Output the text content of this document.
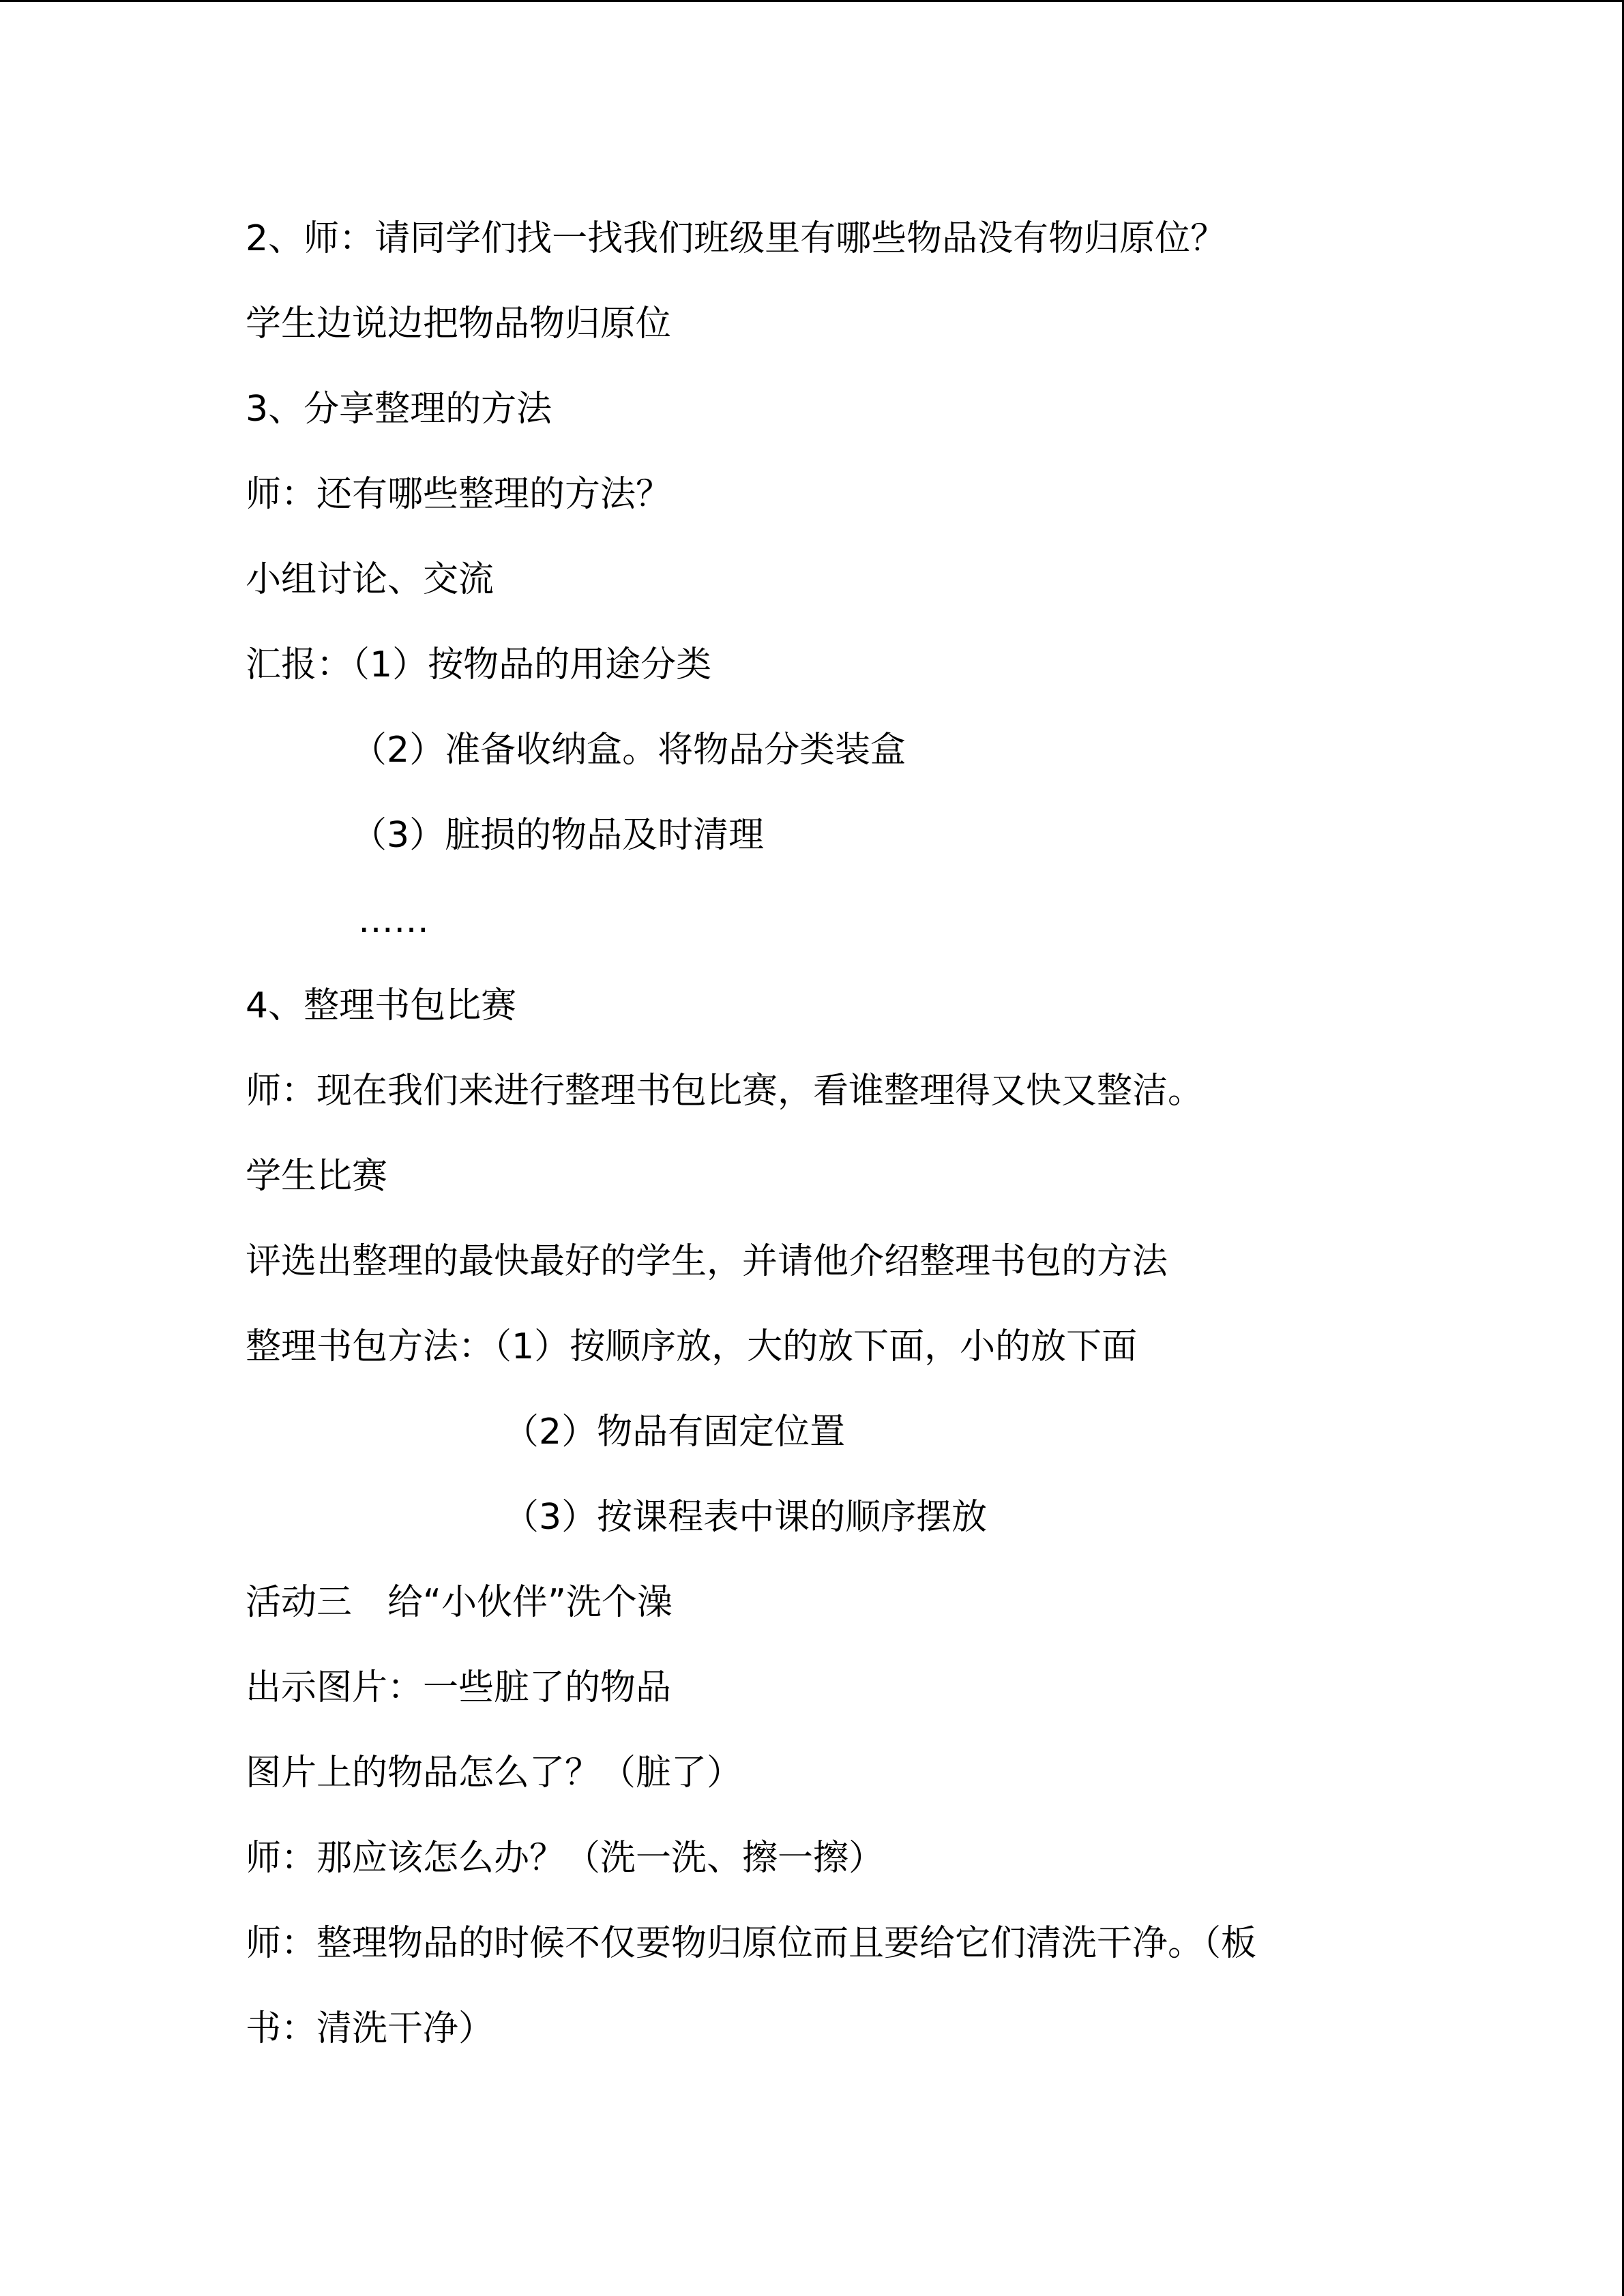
2、师：请同学们找一找我们班级里有哪些物品没有物归原位？
学生边说边把物品物归原位
3、分享整理的方法
师：还有哪些整理的方法？
小组讨论、交流
汇报：（1）按物品的用途分类
（2）准备收纳盒。将物品分类装盒
（3）脏损的物品及时清理
……
4、整理书包比赛
师：现在我们来进行整理书包比赛，看谁整理得又快又整洁。
学生比赛
评选出整理的最快最好的学生，并请他介绍整理书包的方法
整理书包方法：（1）按顺序放，大的放下面，小的放下面
（2）物品有固定位置
（3）按课程表中课的顺序摆放
活动三　给“小伙伴”洗个澡
出示图片：一些脏了的物品
图片上的物品怎么了？（脏了）
师：那应该怎么办？（洗一洗、擦一擦）
师：整理物品的时候不仅要物归原位而且要给它们清洗干净。（板
书：清洗干净）
